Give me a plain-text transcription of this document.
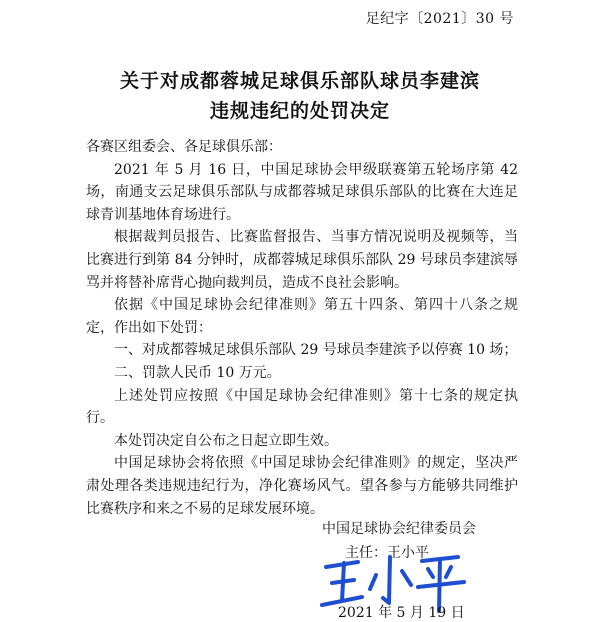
足纪字〔2021〕30 号
关于对成都蓉城足球俱乐部队球员李建滨
违规违纪的处罚决定

各赛区组委会、各足球俱乐部：

2021 年 5 月 16 日，中国足球协会甲级联赛第五轮场序第 42 场，南通支云足球俱乐部队与成都蓉城足球俱乐部队的比赛在大连足球青训基地体育场进行。

根据裁判员报告、比赛监督报告、当事方情况说明及视频等，当比赛进行到第 84 分钟时，成都蓉城足球俱乐部队 29 号球员李建滨辱骂并将替补席背心抛向裁判员，造成不良社会影响。

依据《中国足球协会纪律准则》第五十四条、第四十八条之规定，作出如下处罚：

一、对成都蓉城足球俱乐部队 29 号球员李建滨予以停赛 10 场；

二、罚款人民币 10 万元。

上述处罚应按照《中国足球协会纪律准则》第十七条的规定执行。

本处罚决定自公布之日起立即生效。

中国足球协会将依照《中国足球协会纪律准则》的规定，坚决严肃处理各类违规违纪行为，净化赛场风气。望各参与方能够共同维护比赛秩序和来之不易的足球发展环境。

中国足球协会纪律委员会
主任：王小平
2021 年 5 月 19 日
